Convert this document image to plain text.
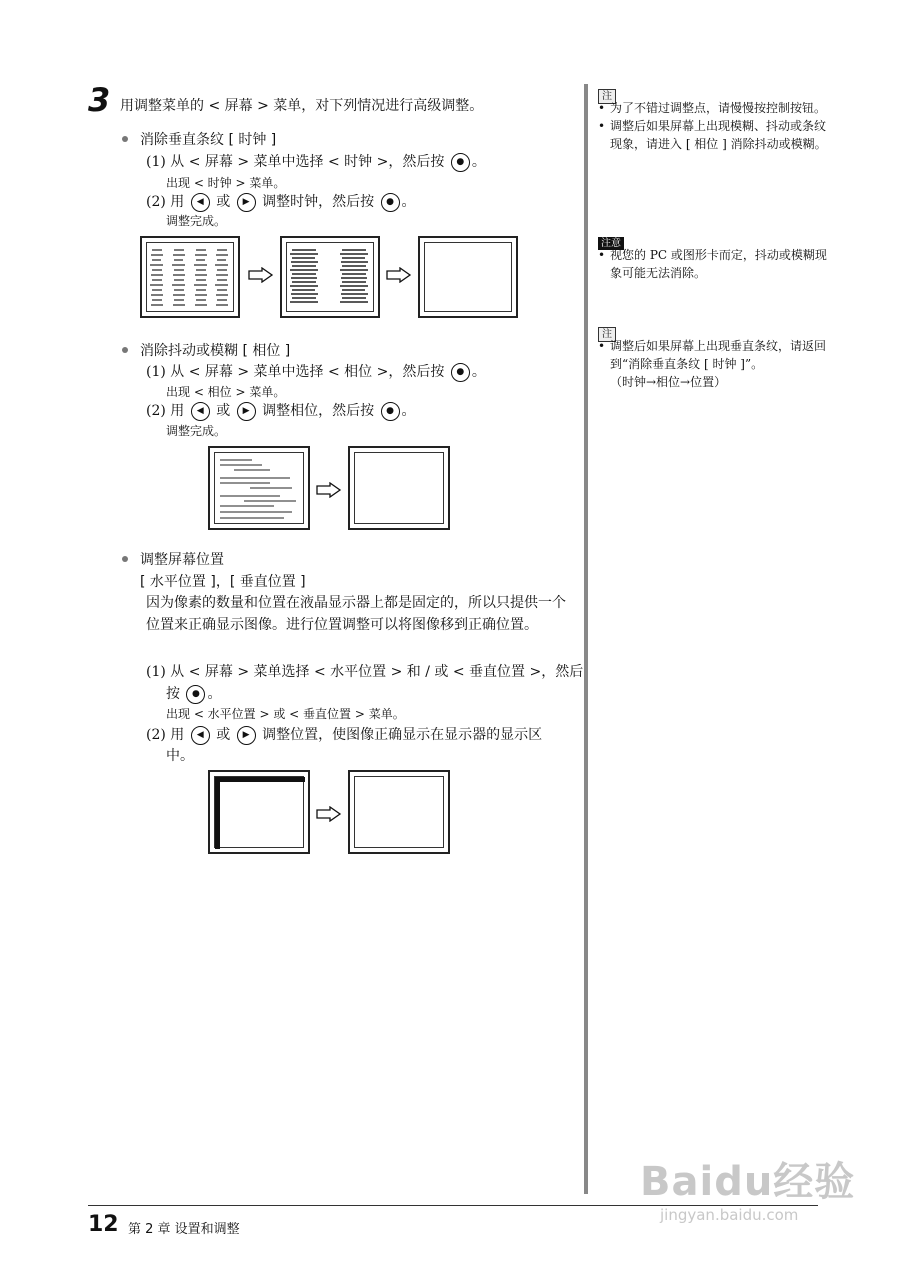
3 用调整菜单的 < 屏幕 > 菜单，对下列情况进行高级调整。
消除垂直条纹 [ 时钟 ]
(1) 从 < 屏幕 > 菜单中选择 < 时钟 >，然后按 ● 。
出现 < 时钟 > 菜单。
(2) 用 ◀ 或 ▶ 调整时钟，然后按 ● 。
调整完成。
消除抖动或模糊 [ 相位 ]
(1) 从 < 屏幕 > 菜单中选择 < 相位 >，然后按 ● 。
出现 < 相位 > 菜单。
(2) 用 ◀ 或 ▶ 调整相位，然后按 ● 。
调整完成。
调整屏幕位置
[ 水平位置 ]，[ 垂直位置 ]
因为像素的数量和位置在液晶显示器上都是固定的，所以只提供一个位置来正确显示图像。进行位置调整可以将图像移到正确位置。
(1) 从 < 屏幕 > 菜单选择 < 水平位置 > 和 / 或 < 垂直位置 >，然后
按 ● 。
出现 < 水平位置 > 或 < 垂直位置 > 菜单。
(2) 用 ◀ 或 ▶ 调整位置，使图像正确显示在显示器的显示区
中。
注
• 为了不错过调整点，请慢慢按控制按钮。
• 调整后如果屏幕上出现模糊、抖动或条纹现象，请进入 [ 相位 ] 消除抖动或模糊。
注意
• 视您的 PC 或图形卡而定，抖动或模糊现象可能无法消除。
注
• 调整后如果屏幕上出现垂直条纹，请返回到“消除垂直条纹 [ 时钟 ]”。
（时钟→相位→位置）
12 第 2 章 设置和调整
Baidu经验
jingyan.baidu.com
